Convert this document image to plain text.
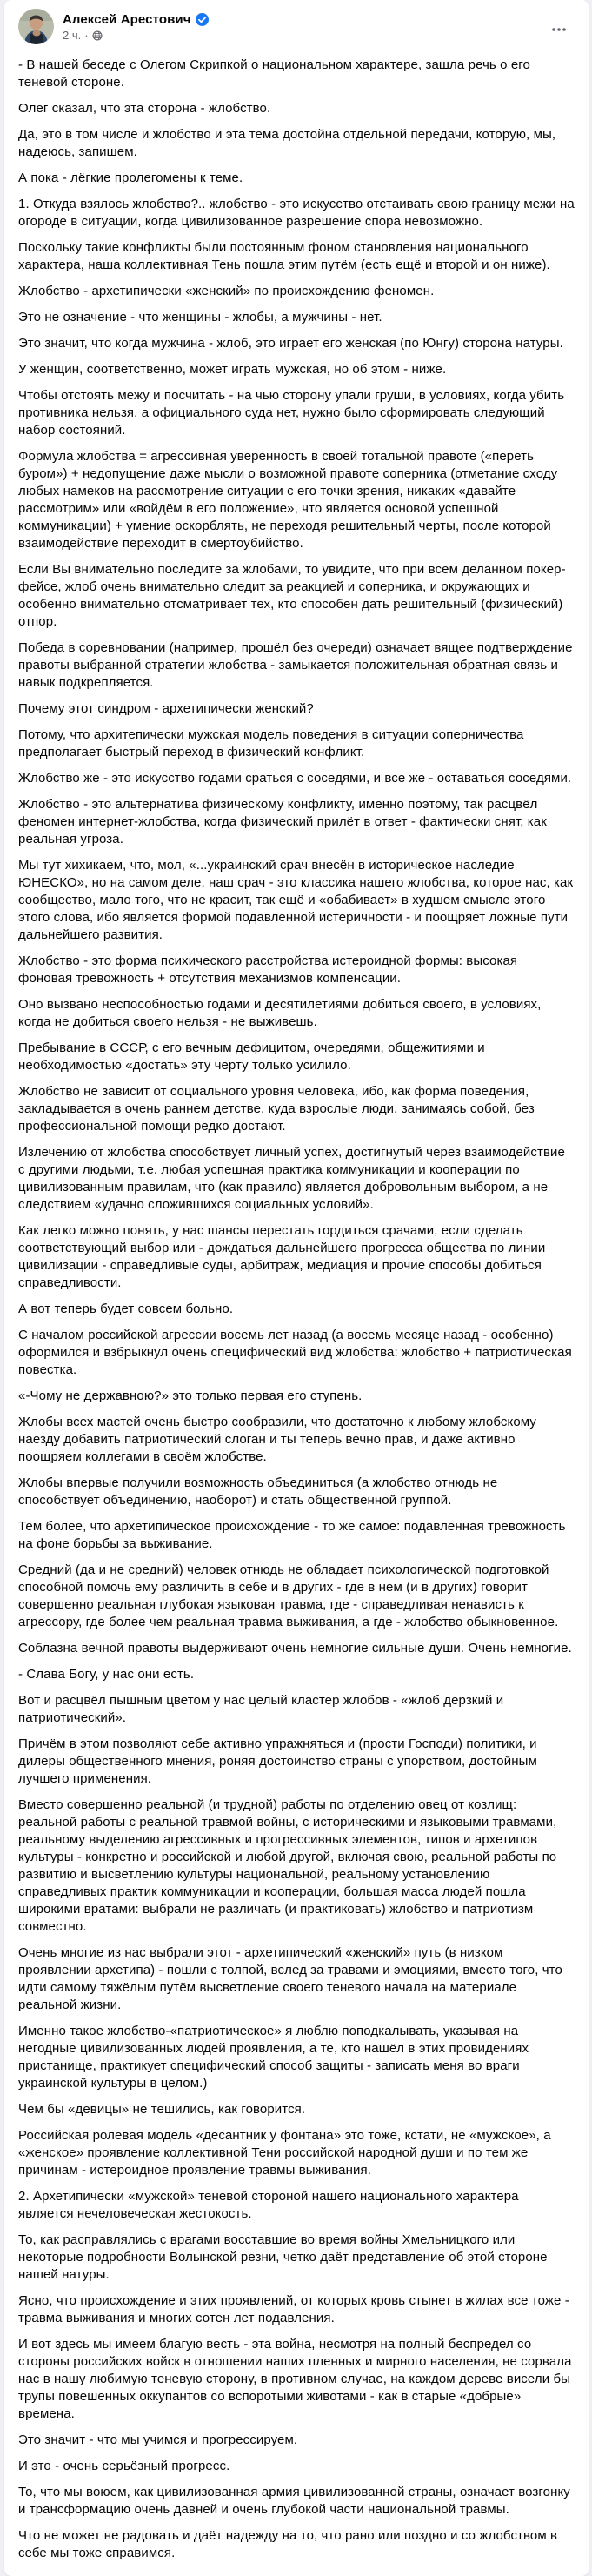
Алексей Арестович
2 ч. ·

- В нашей беседе с Олегом Скрипкой о национальном характере, зашла речь о его теневой стороне.

Олег сказал, что эта сторона - жлобство.

Да, это в том числе и жлобство и эта тема достойна отдельной передачи, которую, мы, надеюсь, запишем.

А пока - лёгкие пролегомены к теме.

1. Откуда взялось жлобство?.. жлобство - это искусство отстаивать свою границу межи на огороде в ситуации, когда цивилизованное разрешение спора невозможно.

Поскольку такие конфликты были постоянным фоном становления национального характера, наша коллективная Тень пошла этим путём (есть ещё и второй и он ниже).

Жлобство - архетипически «женский» по происхождению феномен.

Это не означение - что женщины - жлобы, а мужчины - нет.

Это значит, что когда мужчина - жлоб, это играет его женская (по Юнгу) сторона натуры.

У женщин, соответственно, может играть мужская, но об этом - ниже.

Чтобы отстоять межу и посчитать - на чью сторону упали груши, в условиях, когда убить противника нельзя, а официального суда нет, нужно было сформировать следующий набор состояний.

Формула жлобства = агрессивная уверенность в своей тотальной правоте («переть буром») + недопущение даже мысли о возможной правоте соперника (отметание сходу любых намеков на рассмотрение ситуации с его точки зрения, никаких «давайте рассмотрим» или «войдём в его положение», что является основой успешной коммуникации) + умение оскорблять, не переходя решительный черты, после которой взаимодействие переходит в смертоубийство.

Если Вы внимательно последите за жлобами, то увидите, что при всем деланном покер-фейсе, жлоб очень внимательно следит за реакцией и соперника, и окружающих и особенно внимательно отсматривает тех, кто способен дать решительный (физический) отпор.

Победа в соревновании (например, прошёл без очереди) означает вящее подтверждение правоты выбранной стратегии жлобства - замыкается положительная обратная связь и навык подкрепляется.

Почему этот синдром - архетипически женский?

Потому, что архитепически мужская модель поведения в ситуации соперничества предполагает быстрый переход в физический конфликт.

Жлобство же - это искусство годами сраться с соседями, и все же - оставаться соседями.

Жлобство - это альтернатива физическому конфликту, именно поэтому, так расцвёл феномен интернет-жлобства, когда физический прилёт в ответ - фактически снят, как реальная угроза.

Мы тут хихикаем, что, мол, «...украинский срач внесён в историческое наследие ЮНЕСКО», но на самом деле, наш срач - это классика нашего жлобства, которое нас, как сообщество, мало того, что не красит, так ещё и «обабивает» в худшем смысле этого этого слова, ибо является формой подавленной истеричности - и поощряет ложные пути дальнейшего развития.

Жлобство - это форма психического расстройства истероидной формы: высокая фоновая тревожность + отсутствия механизмов компенсации.

Оно вызвано неспособностью годами и десятилетиями добиться своего, в условиях, когда не добиться своего нельзя - не выживешь.

Пребывание в СССР, с его вечным дефицитом, очередями, общежитиями и необходимостью «достать» эту черту только усилило.

Жлобство не зависит от социального уровня человека, ибо, как форма поведения, закладывается в очень раннем детстве, куда взрослые люди, занимаясь собой, без профессиональной помощи редко достают.

Излечению от жлобства способствует личный успех, достигнутый через взаимодействие с другими людьми, т.е. любая успешная практика коммуникации и кооперации по цивилизованным правилам, что (как правило) является добровольным выбором, а не следствием «удачно сложившихся социальных условий».

Как легко можно понять, у нас шансы перестать гордиться срачами, если сделать соответствующий выбор или - дождаться дальнейшего прогресса общества по линии цивилизации - справедливые суды, арбитраж, медиация и прочие способы добиться справедливости.

А вот теперь будет совсем больно.

С началом российской агрессии восемь лет назад (а восемь месяце назад - особенно) оформился и взбрыкнул очень специфический вид жлобства: жлобство + патриотическая повестка.

«-Чому не державною?» это только первая его ступень.

Жлобы всех мастей очень быстро сообразили, что достаточно к любому жлобскому наезду добавить патриотический слоган и ты теперь вечно прав, и даже активно поощряем коллегами в своём жлобстве.

Жлобы впервые получили возможность объединиться (а жлобство отнюдь не способствует объединению, наоборот) и стать общественной группой.

Тем более, что архетипическое происхождение - то же самое: подавленная тревожность на фоне борьбы за выживание.

Средний (да и не средний) человек отнюдь не обладает психологической подготовкой способной помочь ему различить в себе и в других - где в нем (и в других) говорит совершенно реальная глубокая языковая травма, где - справедливая ненависть к агрессору, где более чем реальная травма выживания, а где - жлобство обыкновенное.

Соблазна вечной правоты выдерживают очень немногие сильные души. Очень немногие.

- Слава Богу, у нас они есть.

Вот и расцвёл пышным цветом у нас целый кластер жлобов - «жлоб дерзкий и патриотический».

Причём в этом позволяют себе активно упражняться и (прости Господи) политики, и дилеры общественного мнения, роняя достоинство страны с упорством, достойным лучшего применения.

Вместо совершенно реальной (и трудной) работы по отделению овец от козлищ: реальной работы с реальной травмой войны, с историческими и языковыми травмами, реальному выделению агрессивных и прогрессивных элементов, типов и архетипов культуры - конкретно и российской и любой другой, включая свою, реальной работы по развитию и высветлению культуры национальной, реальному установлению справедливых практик коммуникации и кооперации, большая масса людей пошла широкими вратами: выбрали не различать (и практиковать) жлобство и патриотизм совместно.

Очень многие из нас выбрали этот - архетипический «женский» путь (в низком проявлении архетипа) - пошли с толпой, вслед за травами и эмоциями, вместо того, что идти самому тяжёлым путём высветление своего теневого начала на материале реальной жизни.

Именно такое жлобство-«патриотическое» я люблю поподкалывать, указывая на негодные цивилизованных людей проявления, а те, кто нашёл в этих провидениях пристанище, практикует специфический способ защиты - записать меня во враги украинской культуры в целом.)

Чем бы «девицы» не тешились, как говорится.

Российская ролевая модель «десантник у фонтана» это тоже, кстати, не «мужское», а «женское» проявление коллективной Тени российской народной души и по тем же причинам - истероидное проявление травмы выживания.

2. Архетипически «мужской» теневой стороной нашего национального характера является нечеловеческая жестокость.

То, как расправлялись с врагами восставшие во время войны Хмельницкого или некоторые подробности Волынской резни, четко даёт представление об этой стороне нашей натуры.

Ясно, что происхождение и этих проявлений, от которых кровь стынет в жилах все тоже - травма выживания и многих сотен лет подавления.

И вот здесь мы имеем благую весть - эта война, несмотря на полный беспредел со стороны российских войск в отношении наших пленных и мирного населения, не сорвала нас в нашу любимую теневую сторону, в противном случае, на каждом дереве висели бы трупы повешенных оккупантов со вспоротыми животами - как в старые «добрые» времена.

Это значит - что мы учимся и прогрессируем.

И это - очень серьёзный прогресс.

То, что мы воюем, как цивилизованная армия цивилизованной страны, означает возгонку и трансформацию очень давней и очень глубокой части национальной травмы.

Что не может не радовать и даёт надежду на то, что рано или поздно и со жлобством в себе мы тоже справимся.
